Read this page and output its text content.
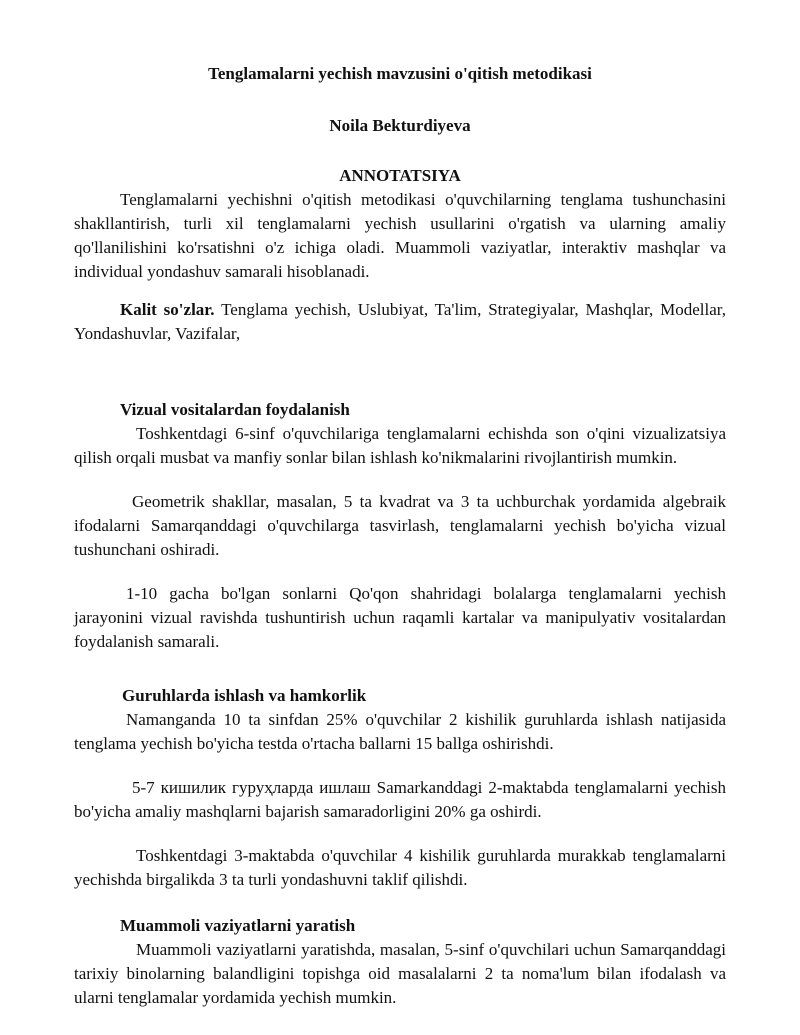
Tenglamalarni yechish mavzusini o'qitish metodikasi
Noila Bekturdiyeva
ANNOTATSIYA

Tenglamalarni yechishni o'qitish metodikasi o'quvchilarning tenglama tushunchasini shakllantirish, turli xil tenglamalarni yechish usullarini o'rgatish va ularning amaliy qo'llanilishini ko'rsatishni o'z ichiga oladi. Muammoli vaziyatlar, interaktiv mashqlar va individual yondashuv samarali hisoblanadi.

Kalit so'zlar. Tenglama yechish, Uslubiyat, Ta'lim, Strategiyalar, Mashqlar, Modellar, Yondashuvlar, Vazifalar,

Vizual vositalardan foydalanish

Toshkentdagi 6-sinf o'quvchilariga tenglamalarni echishda son o'qini vizualizatsiya qilish orqali musbat va manfiy sonlar bilan ishlash ko'nikmalarini rivojlantirish mumkin.

Geometrik shakllar, masalan, 5 ta kvadrat va 3 ta uchburchak yordamida algebraik ifodalarni Samarqanddagi o'quvchilarga tasvirlash, tenglamalarni yechish bo'yicha vizual tushunchani oshiradi.

1-10 gacha bo'lgan sonlarni Qo'qon shahridagi bolalarga tenglamalarni yechish jarayonini vizual ravishda tushuntirish uchun raqamli kartalar va manipulyativ vositalardan foydalanish samarali.

Guruhlarda ishlash va hamkorlik

Namanganda 10 ta sinfdan 25% o'quvchilar 2 kishilik guruhlarda ishlash natijasida tenglama yechish bo'yicha testda o'rtacha ballarni 15 ballga oshirishdi.

5-7 кишилик гуруҳларда ишлаш Samarkanddagi 2-maktabda tenglamalarni yechish bo'yicha amaliy mashqlarni bajarish samaradorligini 20% ga oshirdi.

Toshkentdagi 3-maktabda o'quvchilar 4 kishilik guruhlarda murakkab tenglamalarni yechishda birgalikda 3 ta turli yondashuvni taklif qilishdi.

Muammoli vaziyatlarni yaratish

Muammoli vaziyatlarni yaratishda, masalan, 5-sinf o'quvchilari uchun Samarqanddagi tarixiy binolarning balandligini topishga oid masalalarni 2 ta noma'lum bilan ifodalash va ularni tenglamalar yordamida yechish mumkin.
